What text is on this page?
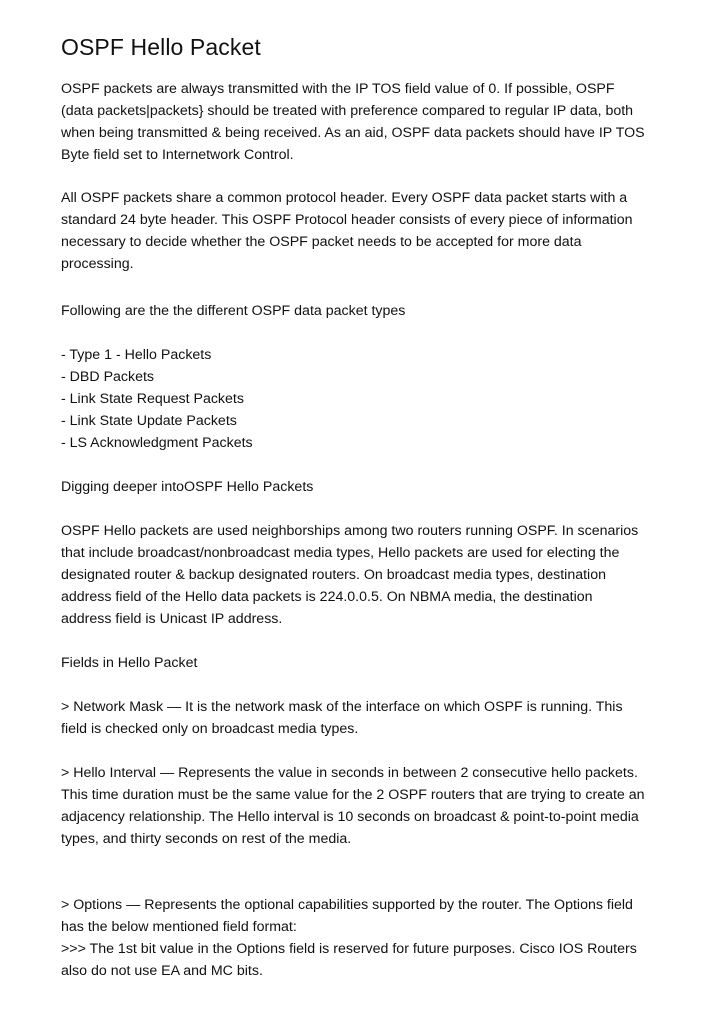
OSPF Hello Packet

OSPF packets are always transmitted with the IP TOS field value of 0. If possible, OSPF
(data packets|packets} should be treated with preference compared to regular IP data, both
when being transmitted & being received. As an aid, OSPF data packets should have IP TOS
Byte field set to Internetwork Control.

All OSPF packets share a common protocol header. Every OSPF data packet starts with a
standard 24 byte header. This OSPF Protocol header consists of every piece of information
necessary to decide whether the OSPF packet needs to be accepted for more data
processing.

Following are the the different OSPF data packet types

- Type 1 - Hello Packets
- DBD Packets
- Link State Request Packets
- Link State Update Packets
- LS Acknowledgment Packets

Digging deeper intoOSPF Hello Packets

OSPF Hello packets are used neighborships among two routers running OSPF. In scenarios
that include broadcast/nonbroadcast media types, Hello packets are used for electing the
designated router & backup designated routers. On broadcast media types, destination
address field of the Hello data packets is 224.0.0.5. On NBMA media, the destination
address field is Unicast IP address.

Fields in Hello Packet

> Network Mask — It is the network mask of the interface on which OSPF is running. This
field is checked only on broadcast media types.

> Hello Interval — Represents the value in seconds in between 2 consecutive hello packets.
This time duration must be the same value for the 2 OSPF routers that are trying to create an
adjacency relationship. The Hello interval is 10 seconds on broadcast & point-to-point media
types, and thirty seconds on rest of the media.

> Options — Represents the optional capabilities supported by the router. The Options field
has the below mentioned field format:
>>> The 1st bit value in the Options field is reserved for future purposes. Cisco IOS Routers
also do not use EA and MC bits.
